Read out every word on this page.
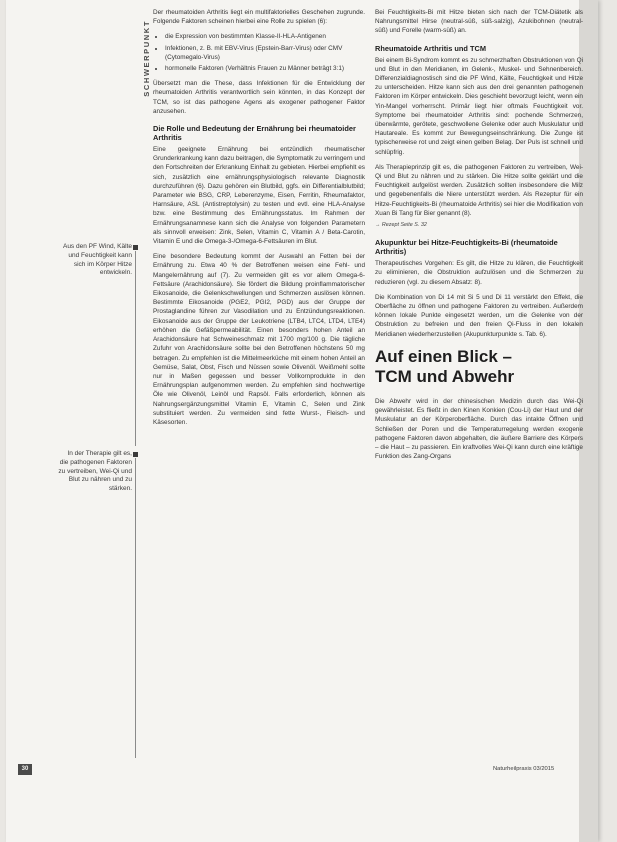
SCHWERPUNKT
Aus den PF Wind, Kälte und Feuchtigkeit kann sich im Körper Hitze entwickeln.
In der Therapie gilt es, die pathogenen Faktoren zu vertreiben, Wei-Qi und Blut zu nähren und zu stärken.

Der rheumatoiden Arthritis liegt ein multifaktorielles Geschehen zugrunde. Folgende Faktoren scheinen hierbei eine Rolle zu spielen (6):

• die Expression von bestimmten Klasse-II-HLA-Antigenen
• Infektionen, z. B. mit EBV-Virus (Epstein-Barr-Virus) oder CMV (Cytomegalo-Virus)
• hormonelle Faktoren (Verhältnis Frauen zu Männer beträgt 3:1)

Übersetzt man die These, dass Infektionen für die Entwicklung der rheumatoiden Arthritis verantwortlich sein könnten, in das Konzept der TCM, so ist das pathogene Agens als exogener pathogener Faktor anzusehen.

Die Rolle und Bedeutung der Ernährung bei rheumatoider Arthritis

Eine geeignete Ernährung bei entzündlich rheumatischer Grunderkrankung kann dazu beitragen, die Symptomatik zu verringern und den Fortschreiten der Erkrankung Einhalt zu gebieten. Hierbei empfiehlt es sich, zusätzlich eine ernährungsphysiologisch relevante Diagnostik durchzuführen (6). Dazu gehören ein Blutbild, ggfs. ein Differentialblutbild; Parameter wie BSG, CRP, Leberenzyme, Eisen, Ferritin, Rheumafaktor, Harnsäure, ASL (Antistreptolysin) zu testen und evtl. eine HLA-Analyse bzw. eine Bestimmung des Ernährungsstatus. Im Rahmen der Ernährungsanamnese kann sich die Analyse von folgenden Parametern als sinnvoll erweisen: Zink, Selen, Vitamin C, Vitamin A / Beta-Carotin, Vitamin E und die Omega-3-/Omega-6-Fettsäuren im Blut.

Eine besondere Bedeutung kommt der Auswahl an Fetten bei der Ernährung zu. Etwa 40 % der Betroffenen weisen eine Fehl- und Mangelernährung auf (7). Zu vermeiden gilt es vor allem Omega-6-Fettsäure (Arachidonsäure). Sie fördert die Bildung proinflammatorischer Eikosanoide, die Gelenkschwellungen und Schmerzen auslösen können. Bestimmte Eikosanoide (PGE2, PGI2, PGD) aus der Gruppe der Prostaglandine führen zur Vasodilation und zu Entzündungsreaktionen. Eikosanoide aus der Gruppe der Leukotriene (LTB4, LTC4, LTD4, LTE4) erhöhen die Gefäßpermeabilität. Einen besonders hohen Anteil an Arachidonsäure hat Schweineschmalz mit 1700 mg/100 g. Die tägliche Zufuhr von Arachidonsäure sollte bei den Betroffenen höchstens 50 mg betragen. Zu empfehlen ist die Mittelmeerküche mit einem hohen Anteil an Gemüse, Salat, Obst, Fisch und Nüssen sowie Olivenöl. Weißmehl sollte nur in Maßen gegessen und besser Vollkornprodukte in den Ernährungsplan aufgenommen werden. Zu empfehlen sind hochwertige Öle wie Olivenöl, Leinöl und Rapsöl. Falls erforderlich, können als Nahrungsergänzungsmittel Vitamin E, Vitamin C, Selen und Zink substituiert werden. Zu vermeiden sind fette Wurst-, Fleisch- und Käsesorten.

Bei Feuchtigkeits-Bi mit Hitze bieten sich nach der TCM-Diätetik als Nahrungsmittel Hirse (neutral-süß, süß-salzig), Azukibohnen (neutral-süß) und Forelle (warm-süß) an.

Rheumatoide Arthritis und TCM

Bei einem Bi-Syndrom kommt es zu schmerzhaften Obstruktionen von Qi und Blut in den Meridianen, im Gelenk-, Muskel- und Sehnenbereich. Differenzialdiagnostisch sind die PF Wind, Kälte, Feuchtigkeit und Hitze zu unterscheiden. Hitze kann sich aus den drei genannten pathogenen Faktoren im Körper entwickeln. Dies geschieht bevorzugt leicht, wenn ein Yin-Mangel vorherrscht. Primär liegt hier oftmals Feuchtigkeit vor. Symptome bei rheumatoider Arthritis sind: pochende Schmerzen, überwärmte, gerötete, geschwollene Gelenke oder auch Muskulatur und Hautareale. Es kommt zur Bewegungseinschränkung. Die Zunge ist typischerweise rot und zeigt einen gelben Belag. Der Puls ist schnell und schlüpfrig.

Als Therapieprinzip gilt es, die pathogenen Faktoren zu vertreiben, Wei-Qi und Blut zu nähren und zu stärken. Die Hitze sollte geklärt und die Feuchtigkeit aufgelöst werden. Zusätzlich sollten insbesondere die Milz und gegebenenfalls die Niere unterstützt werden. Als Rezeptur für ein Hitze-Feuchtigkeits-Bi (rheumatoide Arthritis) sei hier die Modifikation von Xuan Bi Tang für Bier genannt (8).

→ Rezept Seite S. 32
Akupunktur bei Hitze-Feuchtigkeits-Bi (rheumatoide Arthritis)

Therapeutisches Vorgehen: Es gilt, die Hitze zu klären, die Feuchtigkeit zu eliminieren, die Obstruktion aufzulösen und die Schmerzen zu reduzieren (vgl. zu diesem Absatz: 8).

Die Kombination von Di 14 mit Si 5 und Di 11 verstärkt den Effekt, die Oberfläche zu öffnen und pathogene Faktoren zu vertreiben. Außerdem können lokale Punkte eingesetzt werden, um die Gelenke von der Obstruktion zu befreien und den freien Qi-Fluss in den lokalen Meridianen wiederherzustellen (Akupunkturpunkte s. Tab. 6).

Auf einen Blick –
TCM und Abwehr

Die Abwehr wird in der chinesischen Medizin durch das Wei-Qi gewährleistet. Es fließt in den Kinen Konkien (Cou-Li) der Haut und der Muskulatur an der Körperoberfläche. Durch das intakte Öffnen und Schließen der Poren und die Temperaturregelung werden exogene pathogene Faktoren davon abgehalten, die äußere Barriere des Körpers – die Haut – zu passieren. Ein kraftvolles Wei-Qi kann durch eine kräftige Funktion des Zang-Organs

30	Naturheilpraxis 03/2015
